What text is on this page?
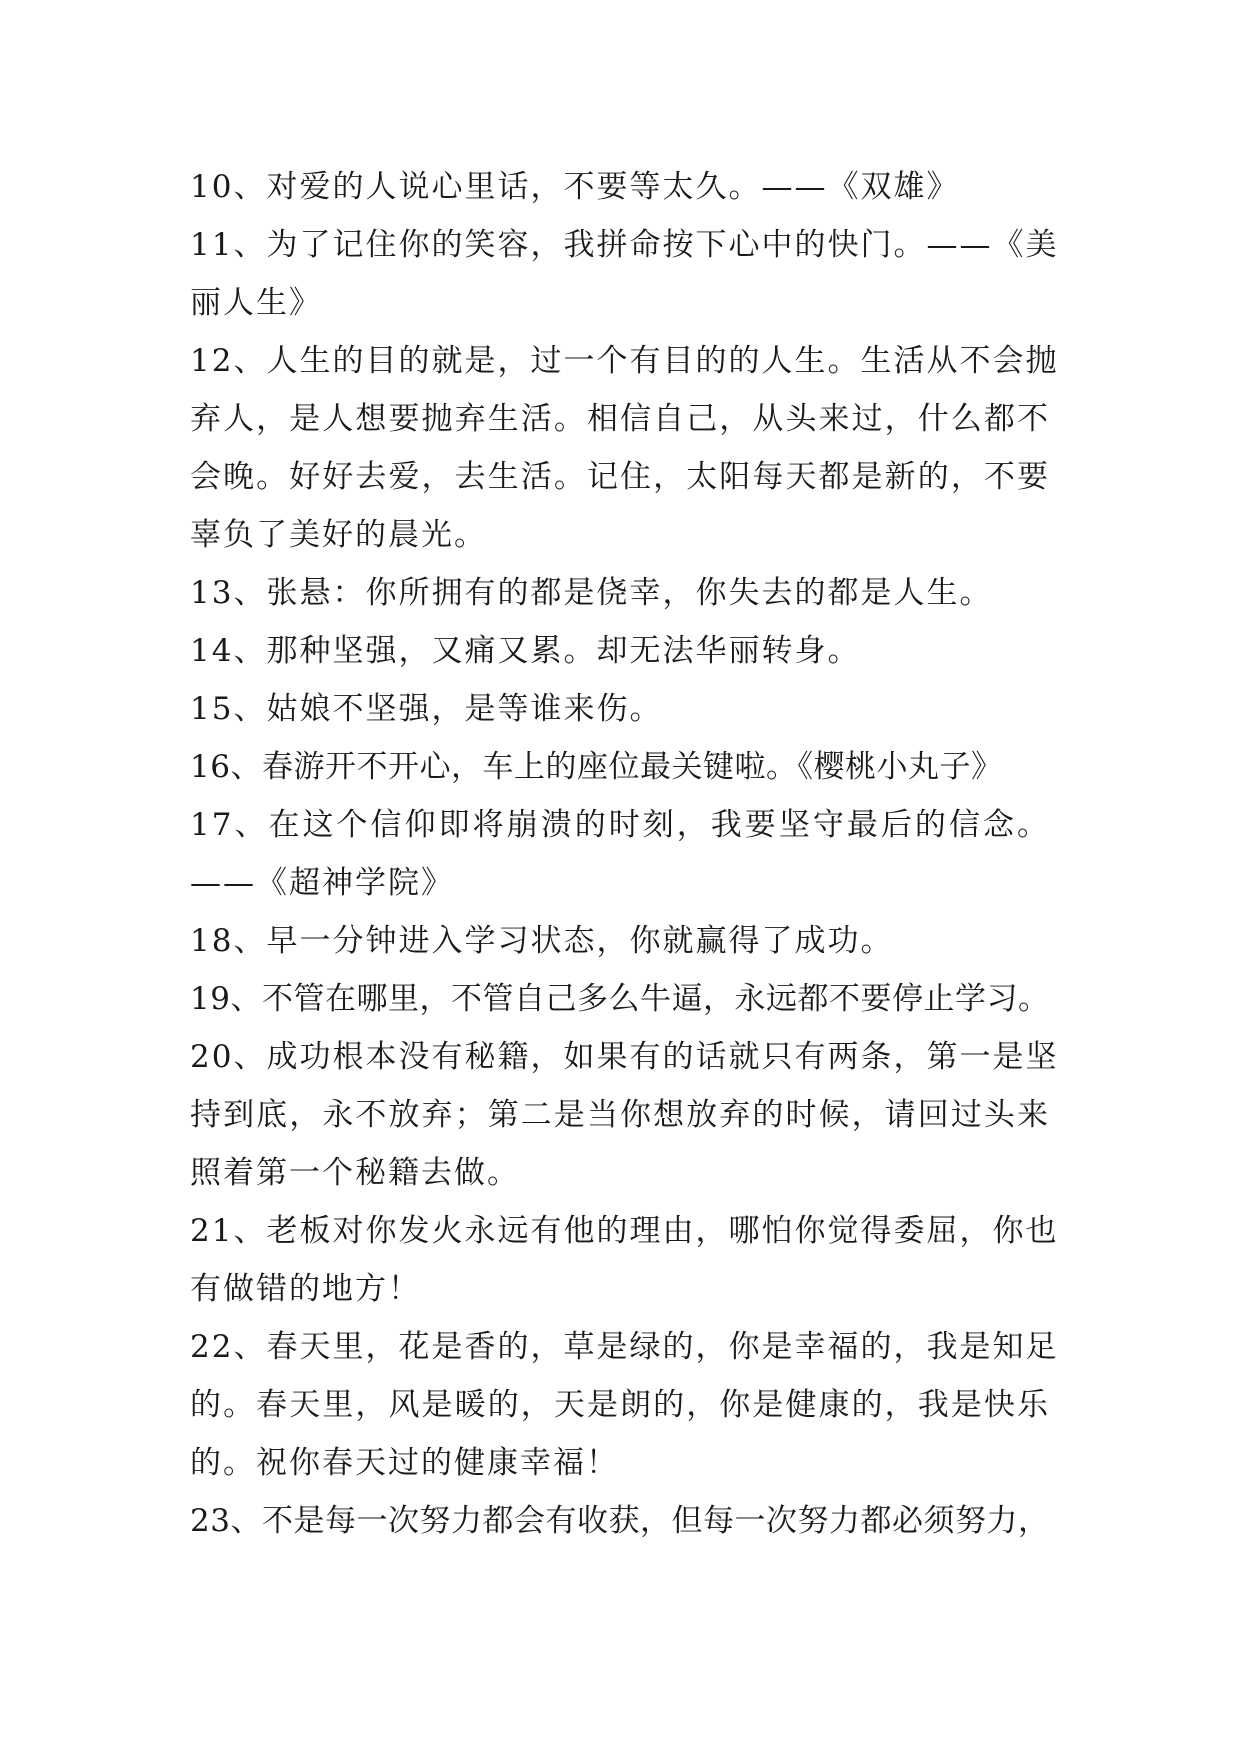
10、对爱的人说心里话，不要等太久。——《双雄》
11、为了记住你的笑容，我拼命按下心中的快门。——《美
丽人生》
12、人生的目的就是，过一个有目的的人生。生活从不会抛
弃人，是人想要抛弃生活。相信自己，从头来过，什么都不
会晚。好好去爱，去生活。记住，太阳每天都是新的，不要
辜负了美好的晨光。
13、张悬：你所拥有的都是侥幸，你失去的都是人生。
14、那种坚强，又痛又累。却无法华丽转身。
15、姑娘不坚强，是等谁来伤。
16、春游开不开心，车上的座位最关键啦。《樱桃小丸子》
17、在这个信仰即将崩溃的时刻，我要坚守最后的信念。
——《超神学院》
18、早一分钟进入学习状态，你就赢得了成功。
19、不管在哪里，不管自己多么牛逼，永远都不要停止学习。
20、成功根本没有秘籍，如果有的话就只有两条，第一是坚
持到底，永不放弃；第二是当你想放弃的时候，请回过头来
照着第一个秘籍去做。
21、老板对你发火永远有他的理由，哪怕你觉得委屈，你也
有做错的地方！
22、春天里，花是香的，草是绿的，你是幸福的，我是知足
的。春天里，风是暖的，天是朗的，你是健康的，我是快乐
的。祝你春天过的健康幸福！
23、不是每一次努力都会有收获，但每一次努力都必须努力，
